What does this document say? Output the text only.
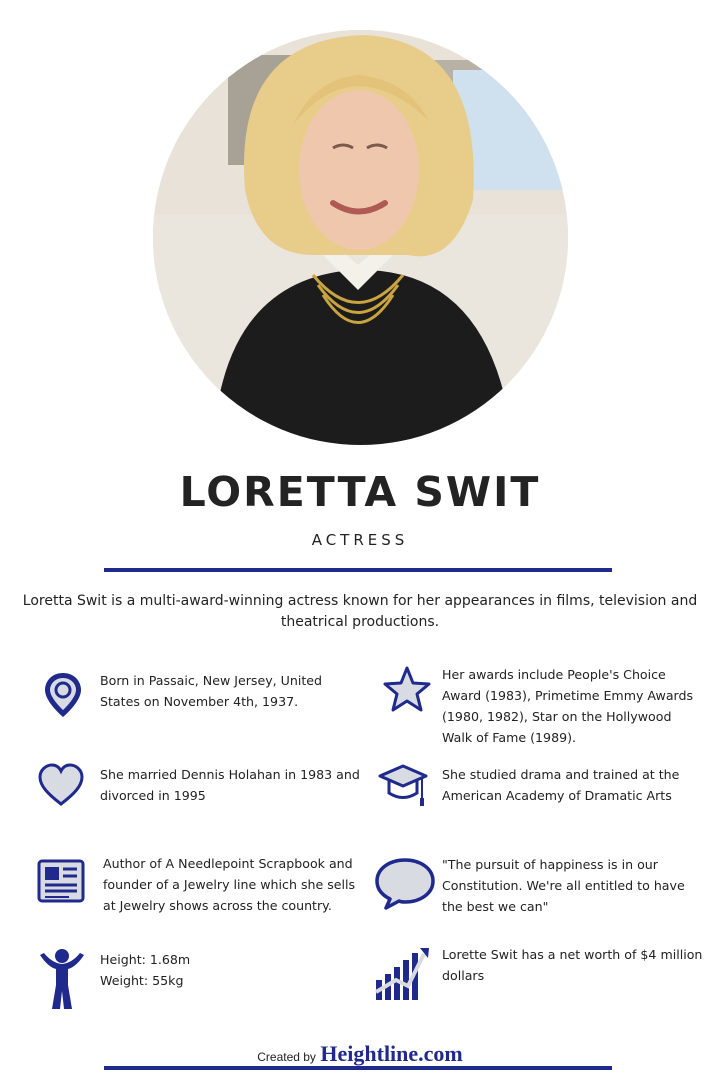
LORETTA SWIT
ACTRESS
Loretta Swit is a multi-award-winning actress known for her appearances in films, television and theatrical productions.
Born in Passaic, New Jersey, United States on November 4th, 1937.
Her awards include People's Choice Award (1983), Primetime Emmy Awards (1980, 1982), Star on the Hollywood Walk of Fame (1989).
She married Dennis Holahan in 1983 and divorced in 1995
She studied drama and trained at the American Academy of Dramatic Arts
Author of A Needlepoint Scrapbook and founder of a Jewelry line which she sells at Jewelry shows across the country.
"The pursuit of happiness is in our Constitution. We're all entitled to have the best we can"
Height: 1.68m
Weight: 55kg
Lorette Swit has a net worth of $4 million dollars
Created by Heightline.com
